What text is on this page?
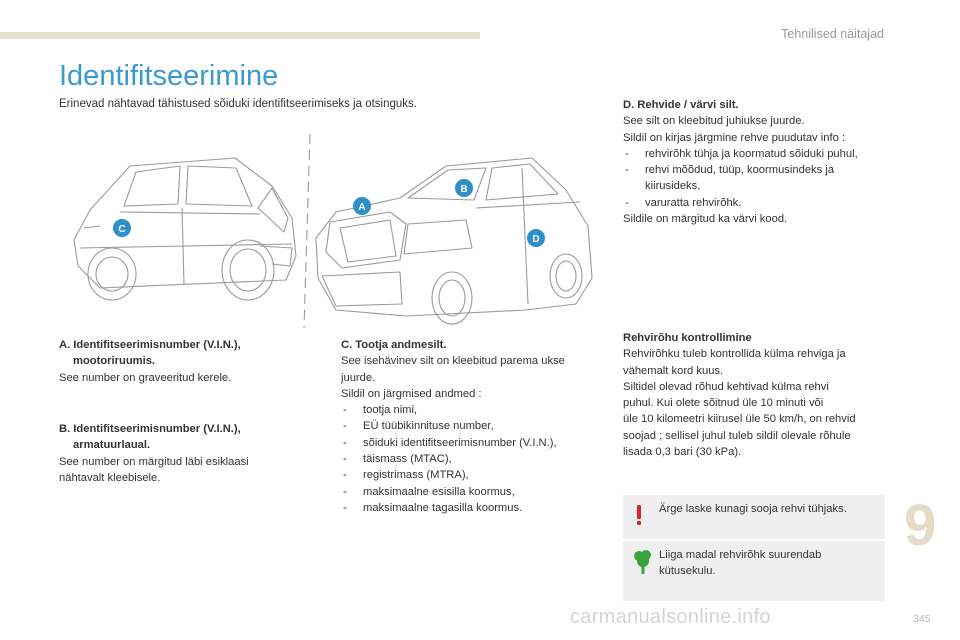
Tehnilised näitajad
Identifitseerimine

Erinevad nähtavad tähistused sõiduki identifitseerimiseks ja otsinguks.

C
A
B
D
A. Identifitseerimisnumber (V.I.N.),
mootoriruumis.
See number on graveeritud kerele.
B. Identifitseerimisnumber (V.I.N.),
armatuurlaual.
See number on märgitud läbi esiklaasi
nähtavalt kleebisele.
C. Tootja andmesilt.
See isehävinev silt on kleebitud parema ukse
juurde.
Sildil on järgmised andmed :
- tootja nimi,
- EÜ tüübikinnituse number,
- sõiduki identifitseerimisnumber (V.I.N.),
- täismass (MTAC),
- registrimass (MTRA),
- maksimaalne esisilla koormus,
- maksimaalne tagasilla koormus.
D. Rehvide / värvi silt.
See silt on kleebitud juhiukse juurde.
Sildil on kirjas järgmine rehve puudutav info :
- rehvirõhk tühja ja koormatud sõiduki puhul,
- rehvi mõõdud, tüüp, koormusindeks ja kiirusideks,
- varuratta rehvirõhk.
Sildile on märgitud ka värvi kood.
Rehvirõhu kontrollimine
Rehvirõhku tuleb kontrollida külma rehviga ja
vähemalt kord kuus.
Siltidel olevad rõhud kehtivad külma rehvi
puhul. Kui olete sõitnud üle 10 minuti või
üle 10 kilomeetri kiirusel üle 50 km/h, on rehvid
soojad ; sellisel juhul tuleb sildil olevale rõhule
lisada 0,3 bari (30 kPa).
Ärge laske kunagi sooja rehvi tühjaks.
Liiga madal rehvirõhk suurendab
kütusekulu.
9
carmanualsonline.info	345
